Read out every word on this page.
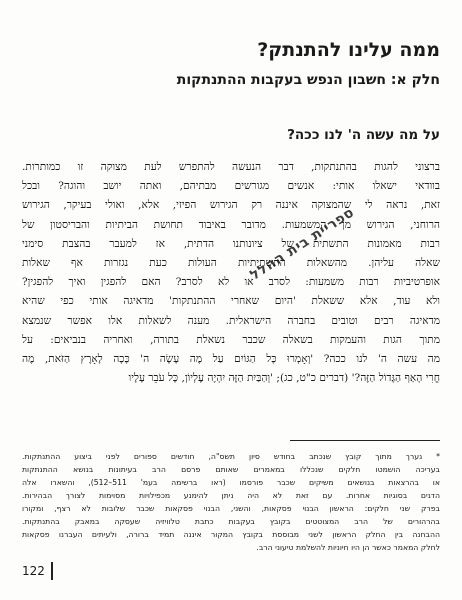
ממה עלינו להתנתק?
חלק א: חשבון הנפש בעקבות ההתנתקות
על מה עשה ה' לנו ככה?
ברצוני להגות בהתנתקות, דבר הנעשה להתפרש לעת מצוקה זו כמותרות.
בוודאי ישאלו אותי: אנשים מגורשים מבתיהם, ואתה יושב והוגה? ובכל
זאת, נראה לי שהמצוקה איננה רק הגירוש הפיזי, אלא, ואולי בעיקר, הגירוש
הרוחני, הגירוש מן המשמעות. מדובר באיבוד תחושת הביתיות והבריסטון של
רבות מאמונות התשתית של ציונותנו הדתית, אז למעבר בהצבת סימני
שאלה עליהן. מהשאלות התשתיתיות העולות כעת נגזרות אף שאלות
אופרטיביות רבות משמעות: לסרב או לא לסרב? האם להפגין ואיך להפגין?
ולא עוד, אלא ששאלת 'היום שאחרי ההתנתקות' מדאיגה אותי כפי שהיא
מדאיגה רבים וטובים בחברה הישראלית. מענה לשאלות אלו אפשר שנמצא
מתוך הגות והעמקות בשאלה שכבר נשאלת בתורה, ואחריה בנביאים: על
מה עשה ה' לנו ככה? 'וְאָמְרוּ כָּל הַגּוֹיִם עַל מֶה עָשָׂה ה' כָּכָה לָאָרֶץ הַזֹּאת, מֶה
חֳרִי הָאַף הַגָּדוֹל הַזֶּה?' (דברים כ"ט, כג); 'וְהַבַּיִת הַזֶּה יִהְיֶה עֶלְיוֹן, כָּל עֹבֵר עָלָיו
ספריית בית ההלל
* נערך מתוך קובץ שנכתב בחודש סיון תשס"ה, חודשים ספורים לפני ביצוע ההתנתקות.
בעריכה הושמטו חלקים שנכללו במאמרים שאותם פרסם הרב בעיתונות בנושא ההתנתקות
או בהרצאות בנושאים משיקים שכבר פורסמו (ראו ברשימה בעמ' 511–512), והשארו אלה
הדנים בסוגיות אחרות. עם זאת לא היה ניתן להימנע מכפילויות מסוימות לצורך הבהירות.
בפרק שני חלקים: הראשון הבנוי פסקאות, והשני, הבנוי פסקאות שכבר שלובות לא רצף, ומקורו
בהרהורים של הרב המצוטטים בקובץ בעקבות כתבת טלוויזיה שעסקה במאבק בהתנתקות.
ההבחנה בין החלק הראשון לשני מבוססת בקובץ המקור איננה תמיד ברורה, ולעיתים העברנו פסקאות
לחלק המאמר כאשר הן היו חיוניות להשלמת טיעוני הרב.
122
